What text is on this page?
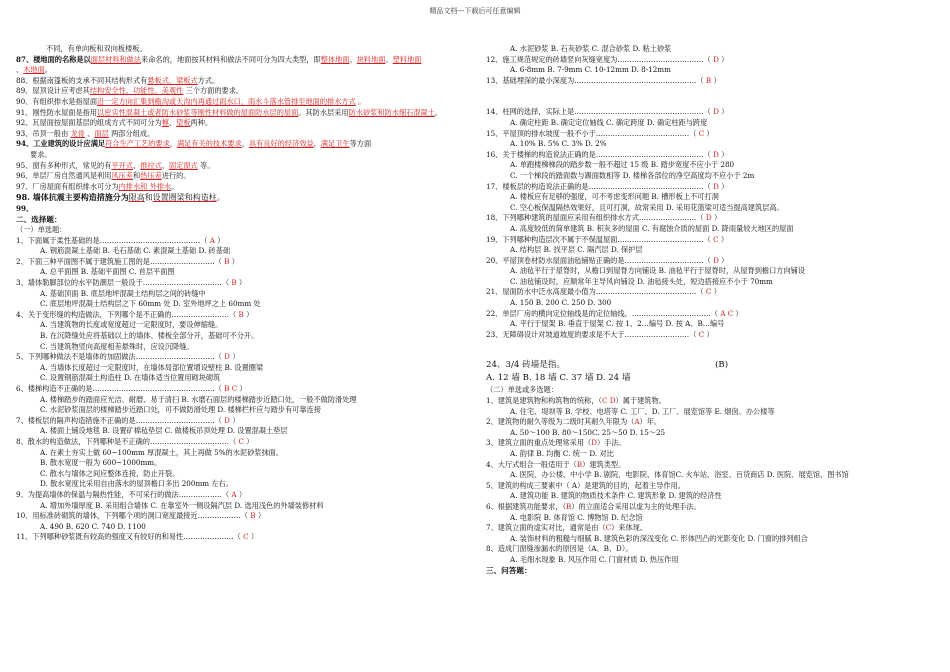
精品文档---下载后可任意编辑
不同，有单向板和双向板楼板。
87、楼地面的名称是以面层材料和做法来命名的，地面按其材料和做法不同可分为四大类型，即整体地面、块料地面、塑料地面
、木地面。
88、根据南篷板的支承不同其结构形式有悬板式、梁板式方式。
89、屋顶设计应考虑其结构安全性、功能性、美观性 三个方面的要求。
90、有组织排水是指屋面沿一定方向汇集到檐沟或天沟内再通过雨水口、雨水斗落水管排至地面的排水方式 。
91、刚性防水屋面是指用以密实性混凝土或者防水砂浆等刚性材料做的屋面防水层的屋面。其防水层采用防水砂浆和防水细石混凝土。
92、瓦屋面按屋面基层的组成方式不同可分为檩、望板两种。
93、吊顶一般由 龙骨 、面层 两部分组成。
94、工业建筑的设计应满足符合生产工艺的要求，满足有关的技术要求，具有良好的经济效益，满足卫生等方面
要求。
95、窗有多种形式，常见的有平开式、推拉式、固定窗式 等。
96、单层厂房自然通风是利用风压差和热压差进行的。
97、厂房屋面有组织排水可分为内排水和 外排水。
98. 墙体抗震主要构造措施分为限高和设置圈梁和构造柱。
99、
二、选择题：
（一）单选题：
1、下面属于柔性基础的是……………………………………（ A ）
A. 钢筋混凝土基础 B. 毛石基础 C. 素混凝土基础 D. 砖基础
2、下面三种平面图不属于建筑施工图的是………………………（ B ）
A. 总平面图 B. 基础平面图 C. 首层平面图
3、墙体勒脚部位的水平防潮层一般设于……………………………（ B ）
A. 基础顶面 B. 底层地坪混凝土结构层之间的砖缝中
C. 底层地坪混凝土结构层之下 60mm 处 D. 室外地坪之上 60mm 处
4、关于变形缝的构造做法，下列哪个是不正确的……………………（ B ）
A. 当建筑物的长度或宽度超过一定限度时，要设伸缩缝。
B. 在沉降缝处应将基础以上的墙体、楼板全部分开，基础可不分开。
C. 当建筑物竖向高度相差悬殊时，应设沉降缝。
5、下列哪种做法不是墙体的加固做法……………………………（ D ）
A. 当墙体长度超过一定限度时，在墙体局部位置增设壁柱 B. 设置圈梁
C. 设置钢筋混凝土构造柱 D. 在墙体适当位置用砌块砌筑
6、楼梯构造不正确的是……………………………………………（ B C ）
A. 楼梯踏步的踏面应光洁、耐磨、易于清扫 B. 水磨石面层的楼梯踏步近踏口处，一般不做防滑处理
C. 水泥砂浆面层的楼梯踏步近踏口处，可不做防滑处理 D. 楼梯栏杆应与踏步有可靠连接
7、楼板层的隔声构造措施不正确的是……………………………（ D ）
A. 楼面上铺设地毯 B. 设置矿棉毡垫层 C. 做楼板吊顶处理 D. 设置混凝土垫层
8、散水的构造做法，下列哪种是不正确的……………………………（ C ）
A. 在素土夯实上做 60~100mm 厚混凝土，其上再做 5%的水泥砂浆抹面。
B. 散水宽度一般为 600~1000mm。
C. 散水与墙体之间应整体连接，防止开裂。
D. 散水宽度比采用自由落水的屋顶檐口多出 200mm 左右。
9、为提高墙体的保温与隔热性能，不可采行的做法………………（ A ）
A. 增加外墙厚度 B. 采用组合墙体 C. 在靠室外一侧设隔汽层 D. 选用浅色的外墙装修材料
10、用标准砖砌筑的墙体，下列哪个项的洞口宽度最接近………………（ B ）
A. 490 B. 620 C. 740 D. 1100
11、下列哪种砂浆既有较高的强度又有较好的和易性…………………（ C ）
A. 水泥砂浆 B. 石灰砂浆 C. 混合砂浆 D. 粘土砂浆
12、施工规范规定的砖墙竖向灰缝宽度为………………………………（ D ）
A. 6-8mm B. 7-9mm C. 10-12mm D. 8-12mm
13、基础埋深的最小深度为……………………………………………（ B ）
14、柱网的选择，实际上是………………………………………………（ D ）
A. 确定柱距 B. 确定定位轴线 C. 确定跨度 D. 确定柱距与跨度
15、平屋顶的排水坡度一般不小于…………………………………（ C ）
A. 10% B. 5% C. 3% D. 2%
16、关于楼梯的构造说法正确的是………………………………………（ D ）
A. 单跑楼梯梯段的踏步数一般不超过 15 级 B. 踏步宽度不应小于 280
C. 一个梯段的踏面数与踢面数相等 D. 楼梯各部位的净空高度均不应小于 2m
17、楼板层的构造说法正确的是…………………………………………（ D ）
A. 楼板应有足够的强度，可不考虑变形问题 B. 槽形板上不可打洞
C. 空心板保温隔热效果好，且可打洞，故常采用 D. 采用花篮梁可适当提高建筑层高。
18、下列哪种建筑的屋面应采用有组织排水方式……………………（ D ）
A. 高度较低的简单建筑 B. 积灰多的屋面 C. 有腐蚀介质的屋面 D. 降雨量较大地区的屋面
19、下列哪种构造层次不属于不保温屋面………………………………（ C ）
A. 结构层 B. 找平层 C. 隔汽层 D. 保护层
20、平屋顶卷材防水屋面油毡铺贴正确的是……………………………（ D ）
A. 油毡平行于屋脊时，从檐口到屋脊方向铺设 B. 油毡平行于屋脊时，从屋脊到檐口方向铺设
C. 油毡铺设时，应顺常年主导风向铺设 D. 油毡接头处，短边搭接应不小于 70mm
21、屋面防水中泛水高度最小值为……………………………………（ C ）
A. 150 B. 200 C. 250 D. 300
22、单层厂房的横向定位轴线是的定位轴线。……………………………（ A C ）
A. 平行于屋架 B. 垂直于屋架 C. 按 1、2…编号 D. 按 A、B…编号
23、无障碍设计对坡道坡度的要求是不大于………………………（ C ）
24、3/4 砖墙是指。	(B)
A. 12 墙 B. 18 墙 C. 37 墙 D. 24 墙
（二）单选或多选题：
1、建筑是建筑物和构筑物的统称，（C D）属于建筑物。
A. 住宅、堤坝等 B. 学校、电塔等 C. 工厂、D. 工厂、展览馆等 E. 烟囱、办公楼等
2、建筑物的耐久等级为二级时其耐久年限为（A）年。
A. 50～100 B. 80～150C. 25～50 D. 15～25
3、建筑立面的重点处理常采用（D）手法。
A. 韵律 B. 均衡 C. 统一 D. 对比
4、大厅式组合一般适用于（B）建筑类型。
A. 医院、办公楼、中小学 B. 剧院、电影院、体育馆C. 火车站、浴室、百货商店 D. 医院、展览馆、图书馆
5、建筑的构成三要素中（ A）是建筑的目的，起着主导作用。
A. 建筑功能 B. 建筑的物质技术条件 C. 建筑形象 D. 建筑的经济性
6、根据建筑功能要求，（B）的立面适合采用以虚为主的处理手法。
A. 电影院 B. 体育馆 C. 博物馆 D. 纪念馆
7、建筑立面的虚实对比，通常是由（C）来体现。
A. 装饰材料的粗糙与细腻 B. 建筑色彩的深浅变化 C. 形体凹凸的光影变化 D. 门窗的排列组合
8、造成门窗缝渗漏水的原因是（A、B、D）。
A. 毛细水现象 B. 风压作用 C. 门窗材质 D. 热压作用
三、问答题：
